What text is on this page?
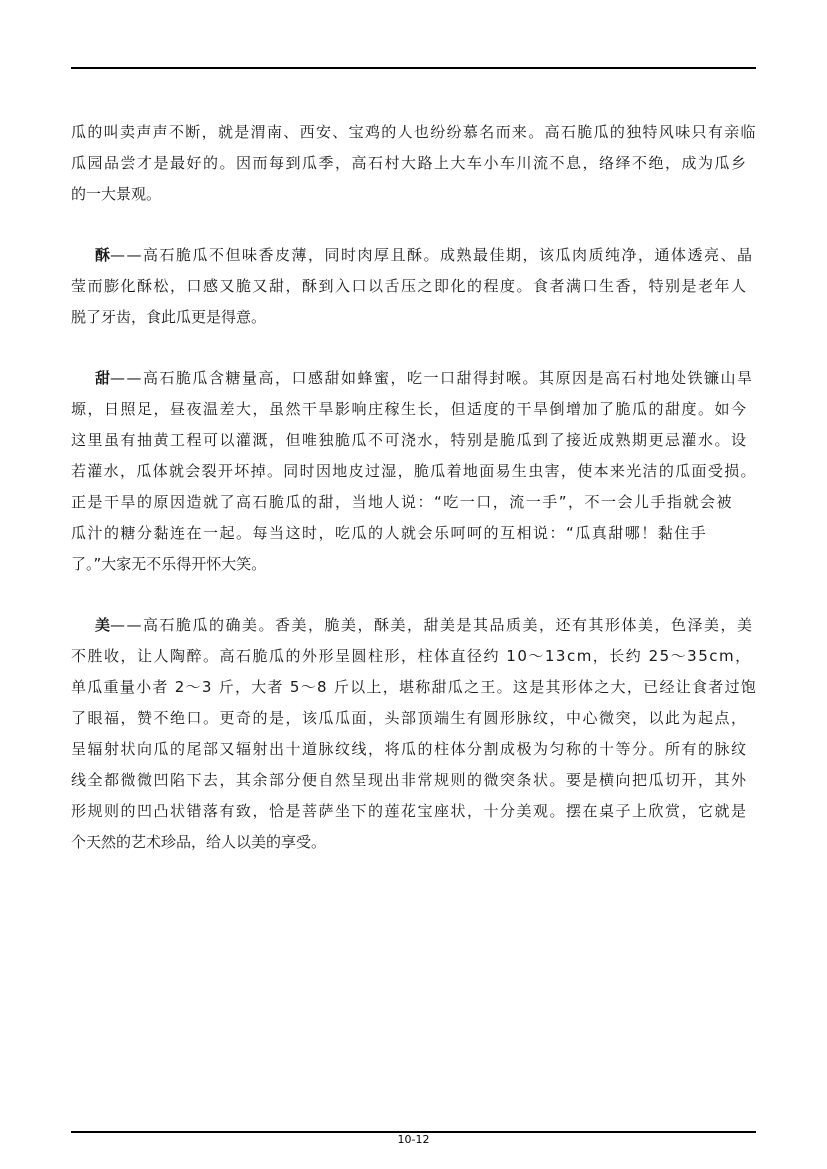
瓜的叫卖声声不断，就是渭南、西安、宝鸡的人也纷纷慕名而来。高石脆瓜的独特风味只有亲临
瓜园品尝才是最好的。因而每到瓜季，高石村大路上大车小车川流不息，络绎不绝，成为瓜乡
的一大景观。
酥——高石脆瓜不但味香皮薄，同时肉厚且酥。成熟最佳期，该瓜肉质纯净，通体透亮、晶
莹而膨化酥松，口感又脆又甜，酥到入口以舌压之即化的程度。食者满口生香，特别是老年人
脱了牙齿，食此瓜更是得意。
甜——高石脆瓜含糖量高，口感甜如蜂蜜，吃一口甜得封喉。其原因是高石村地处铁镰山旱
塬，日照足，昼夜温差大，虽然干旱影响庄稼生长，但适度的干旱倒增加了脆瓜的甜度。如今
这里虽有抽黄工程可以灌溉，但唯独脆瓜不可浇水，特别是脆瓜到了接近成熟期更忌灌水。设
若灌水，瓜体就会裂开坏掉。同时因地皮过湿，脆瓜着地面易生虫害，使本来光洁的瓜面受损。
正是干旱的原因造就了高石脆瓜的甜，当地人说：“吃一口，流一手”，不一会儿手指就会被
瓜汁的糖分黏连在一起。每当这时，吃瓜的人就会乐呵呵的互相说：“瓜真甜哪！黏住手
了。”大家无不乐得开怀大笑。
美——高石脆瓜的确美。香美，脆美，酥美，甜美是其品质美，还有其形体美，色泽美，美
不胜收，让人陶醉。高石脆瓜的外形呈圆柱形，柱体直径约 10～13cm，长约 25～35cm，
单瓜重量小者 2～3 斤，大者 5～8 斤以上，堪称甜瓜之王。这是其形体之大，已经让食者过饱
了眼福，赞不绝口。更奇的是，该瓜瓜面，头部顶端生有圆形脉纹，中心微突，以此为起点，
呈辐射状向瓜的尾部又辐射出十道脉纹线，将瓜的柱体分割成极为匀称的十等分。所有的脉纹
线全都微微凹陷下去，其余部分便自然呈现出非常规则的微突条状。要是横向把瓜切开，其外
形规则的凹凸状错落有致，恰是菩萨坐下的莲花宝座状，十分美观。摆在桌子上欣赏，它就是
个天然的艺术珍品，给人以美的享受。
10-12
